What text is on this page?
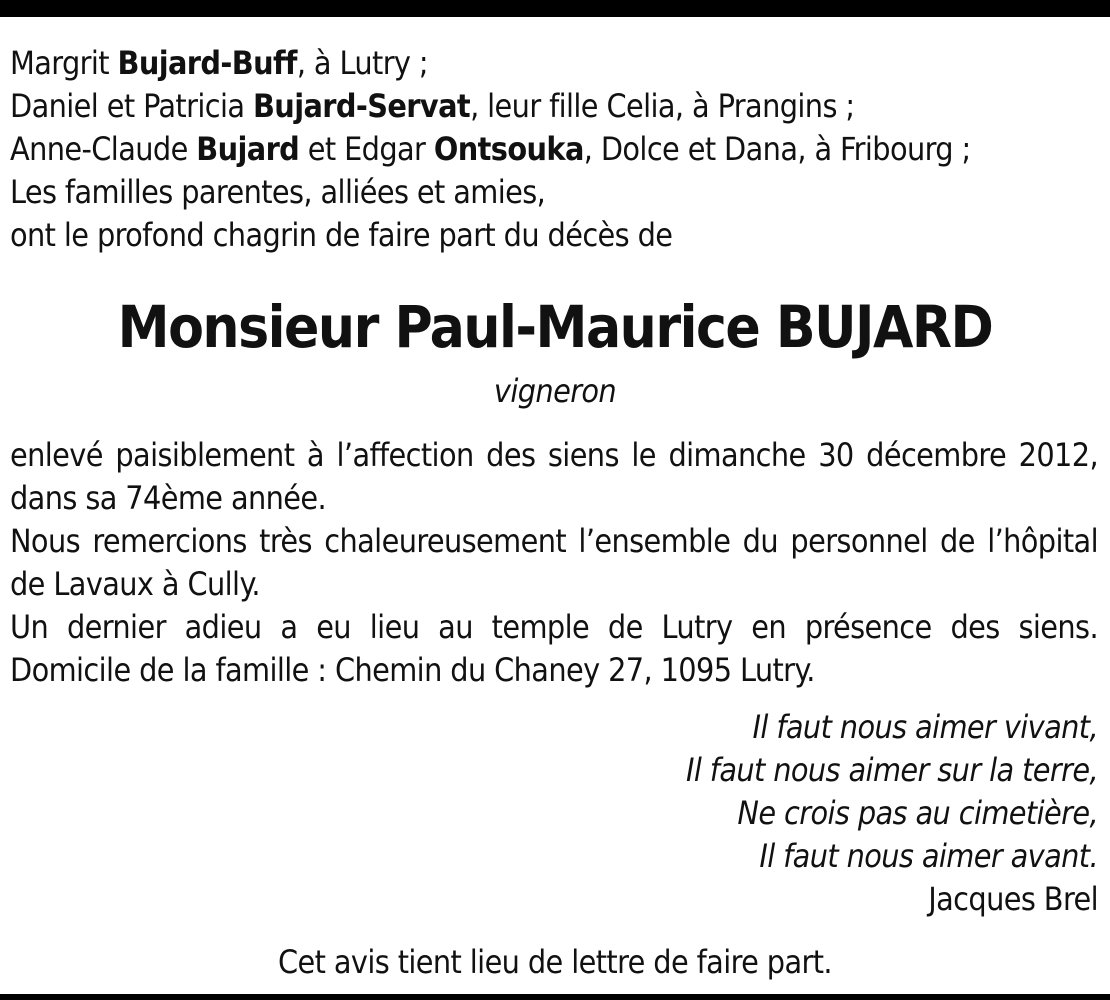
Margrit Bujard-Buff, à Lutry ;
Daniel et Patricia Bujard-Servat, leur fille Celia, à Prangins ;
Anne-Claude Bujard et Edgar Ontsouka, Dolce et Dana, à Fribourg ;
Les familles parentes, alliées et amies,
ont le profond chagrin de faire part du décès de
Monsieur Paul-Maurice BUJARD
vigneron
enlevé paisiblement à l’affection des siens le dimanche 30 décembre 2012, dans sa 74ème année.
Nous remercions très chaleureusement l’ensemble du personnel de l’hôpital de Lavaux à Cully.
Un dernier adieu a eu lieu au temple de Lutry en présence des siens.
Domicile de la famille : Chemin du Chaney 27, 1095 Lutry.
Il faut nous aimer vivant,
Il faut nous aimer sur la terre,
Ne crois pas au cimetière,
Il faut nous aimer avant.
Jacques Brel
Cet avis tient lieu de lettre de faire part.
